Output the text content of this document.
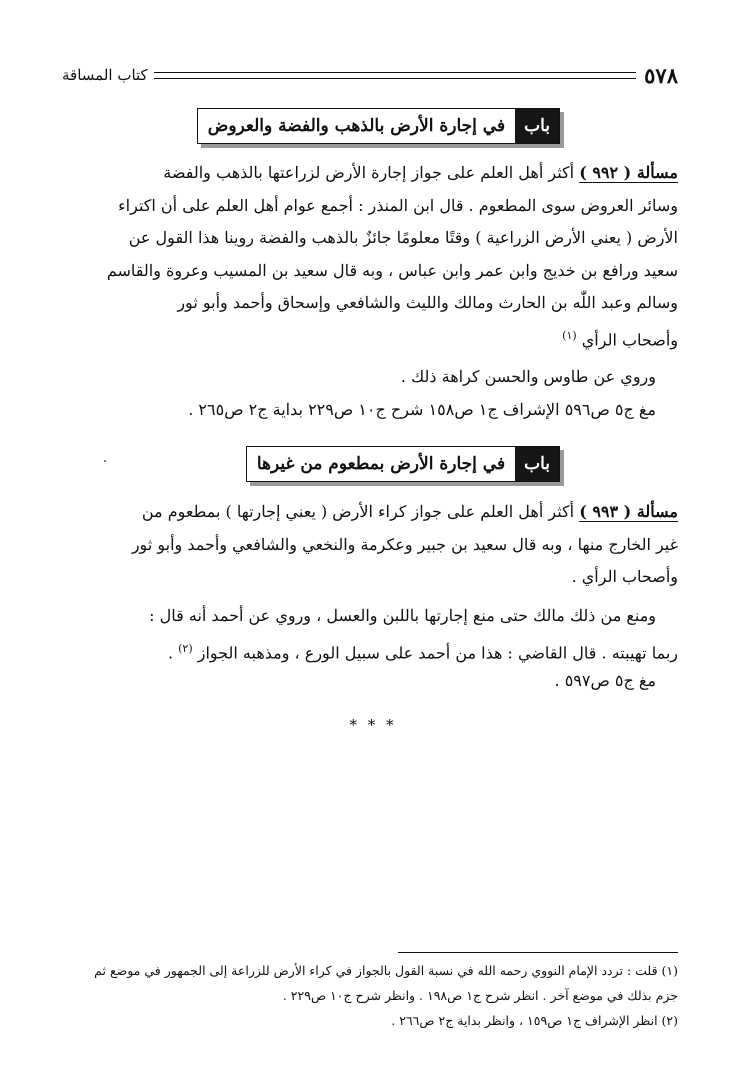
٥٧٨
كتاب المساقة
باب
في إجارة الأرض بالذهب والفضة والعروض
مسألة ( ٩٩٢ ) أكثر أهل العلم على جواز إجارة الأرض لزراعتها بالذهب والفضة
وسائر العروض سوى المطعوم . قال ابن المنذر : أجمع عوام أهل العلم على أن اكتراء
الأرض ( يعني الأرض الزراعية ) وقتًا معلومًا جائزٌ بالذهب والفضة روينا هذا القول عن
سعيد ورافع بن خديج وابن عمر وابن عباس ، وبه قال سعيد بن المسيب وعروة والقاسم
وسالم وعبد اللّٰه بن الحارث ومالك والليث والشافعي وإسحاق وأحمد وأبو ثور
وأصحاب الرأي $^{(١)}$
وروي عن طاوس والحسن كراهة ذلك .
مغ ج٥ ص٥٩٦ الإشراف ج١ ص١٥٨ شرح ج١٠ ص٢٢٩ بداية ج٢ ص٢٦٥ .
باب
في إجارة الأرض بمطعوم من غيرها
مسألة ( ٩٩٣ ) أكثر أهل العلم على جواز كراء الأرض ( يعني إجارتها ) بمطعوم من
غير الخارج منها ، وبه قال سعيد بن جبير وعكرمة والنخعي والشافعي وأحمد وأبو ثور
وأصحاب الرأي .
ومنع من ذلك مالك حتى منع إجارتها باللبن والعسل ، وروي عن أحمد أنه قال :
ربما تهيبته . قال القاضي : هذا من أحمد على سبيل الورع ، ومذهبه الجواز $^{(٢)}$ .
مغ ج٥ ص٥٩٧ .
* * *
(١) قلت : تردد الإمام النووي رحمه الله في نسبة القول بالجواز في كراء الأرض للزراعة إلى الجمهور في موضع ثم
جزم بذلك في موضع آخر . انظر شرح ج١ ص١٩٨ . وانظر شرح ج١٠ ص٢٢٩ .
(٢) انظر الإشراف ج١ ص١٥٩ ، وانظر بداية ج٢ ص٢٦٦ .
